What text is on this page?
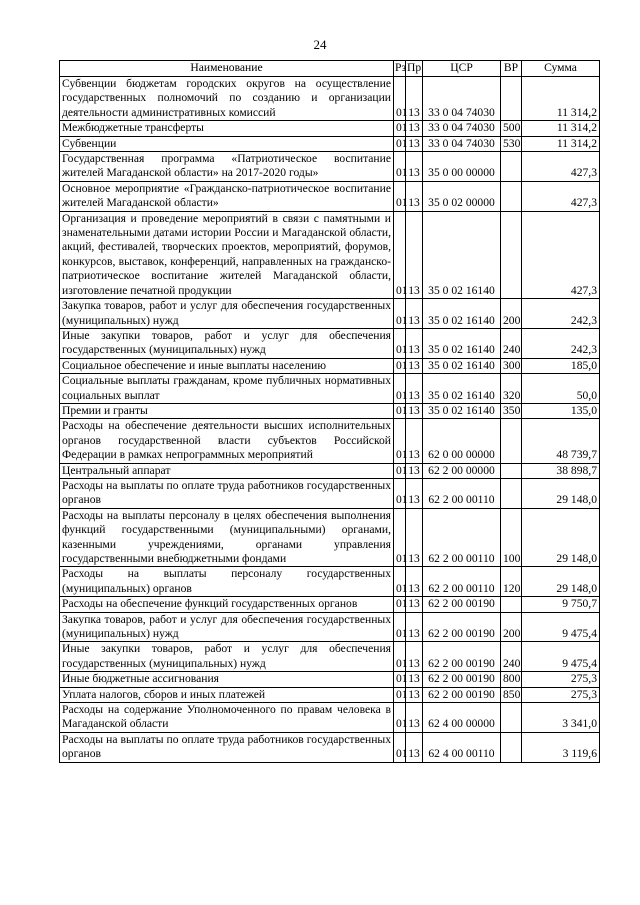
24
Наименование	Рз	Пр	ЦСР	ВР	Сумма
Субвенции бюджетам городских округов на осуществление государственных полномочий по созданию и организации деятельности административных комиссий	01	13	33 0 04 74030		11 314,2
Межбюджетные трансферты	01	13	33 0 04 74030	500	11 314,2
Субвенции	01	13	33 0 04 74030	530	11 314,2
Государственная программа «Патриотическое воспитание жителей Магаданской области» на 2017-2020 годы»	01	13	35 0 00 00000		427,3
Основное мероприятие «Гражданско-патриотическое воспитание жителей Магаданской области»	01	13	35 0 02 00000		427,3
Организация и проведение мероприятий в связи с памятными и знаменательными датами истории России и Магаданской области, акций, фестивалей, творческих проектов, мероприятий, форумов, конкурсов, выставок, конференций, направленных на гражданско-патриотическое воспитание жителей Магаданской области, изготовление печатной продукции	01	13	35 0 02 16140		427,3
Закупка товаров, работ и услуг для обеспечения государственных (муниципальных) нужд	01	13	35 0 02 16140	200	242,3
Иные закупки товаров, работ и услуг для обеспечения государственных (муниципальных) нужд	01	13	35 0 02 16140	240	242,3
Социальное обеспечение и иные выплаты населению	01	13	35 0 02 16140	300	185,0
Социальные выплаты гражданам, кроме публичных нормативных социальных выплат	01	13	35 0 02 16140	320	50,0
Премии и гранты	01	13	35 0 02 16140	350	135,0
Расходы на обеспечение деятельности высших исполнительных органов государственной власти субъектов Российской Федерации в рамках непрограммных мероприятий	01	13	62 0 00 00000		48 739,7
Центральный аппарат	01	13	62 2 00 00000		38 898,7
Расходы на выплаты по оплате труда работников государственных органов	01	13	62 2 00 00110		29 148,0
Расходы на выплаты персоналу в целях обеспечения выполнения функций государственными (муниципальными) органами, казенными учреждениями, органами управления государственными внебюджетными фондами	01	13	62 2 00 00110	100	29 148,0
Расходы на выплаты персоналу государственных (муниципальных) органов	01	13	62 2 00 00110	120	29 148,0
Расходы на обеспечение функций государственных органов	01	13	62 2 00 00190		9 750,7
Закупка товаров, работ и услуг для обеспечения государственных (муниципальных) нужд	01	13	62 2 00 00190	200	9 475,4
Иные закупки товаров, работ и услуг для обеспечения государственных (муниципальных) нужд	01	13	62 2 00 00190	240	9 475,4
Иные бюджетные ассигнования	01	13	62 2 00 00190	800	275,3
Уплата налогов, сборов и иных платежей	01	13	62 2 00 00190	850	275,3
Расходы на содержание Уполномоченного по правам человека в Магаданской области	01	13	62 4 00 00000		3 341,0
Расходы на выплаты по оплате труда работников государственных органов	01	13	62 4 00 00110		3 119,6
